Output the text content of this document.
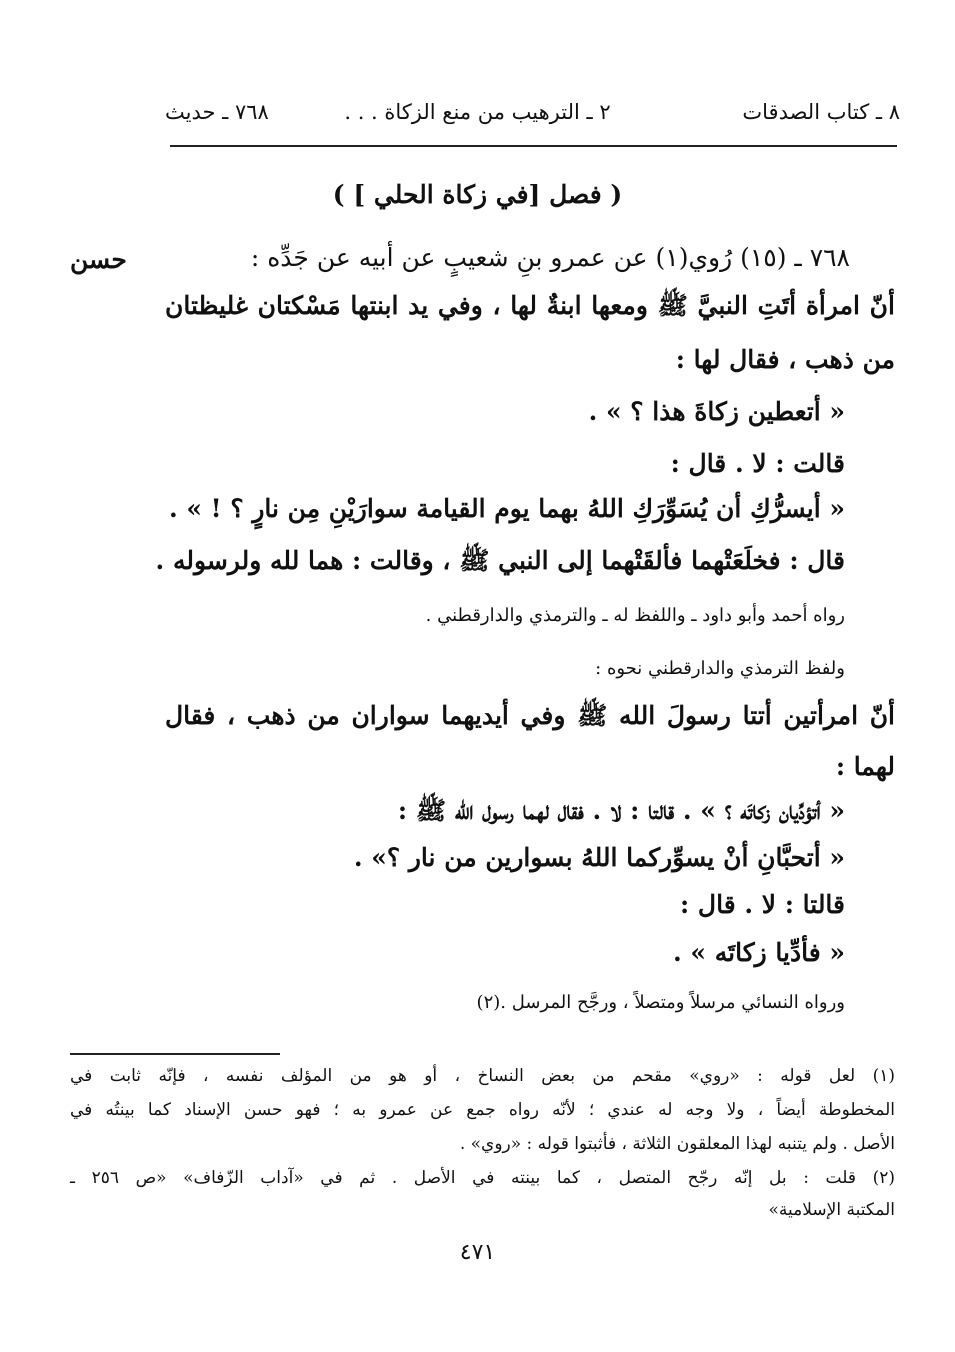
٨ ـ كتاب الصدقات
٢ ـ الترهيب من منع الزكاة . . .
٧٦٨ ـ حديث
( فصل [في زكاة الحلي ] )
حسن	٧٦٨ ـ (١٥) رُوي(١) عن عمرو بنِ شعيبٍ عن أبيه عن جَدِّه :
أنّ امرأة أتَتِ النبيَّ ﷺ ومعها ابنةٌ لها ، وفي يد ابنتها مَسْكتان غليظتان
من ذهب ، فقال لها :
« أتعطين زكاةَ هذا ؟ » .
قالت : لا . قال :
« أيسرُّكِ أن يُسَوِّرَكِ اللهُ بهما يوم القيامة سوارَيْنِ مِن نارٍ ؟ ! » .
قال : فخلَعَتْهما فألقَتْهما إلى النبي ﷺ ، وقالت : هما لله ولرسوله .
رواه أحمد وأبو داود ـ واللفظ له ـ والترمذي والدارقطني .
ولفظ الترمذي والدارقطني نحوه :
أنّ امرأتين أتتا رسولَ الله ﷺ وفي أيديهما سواران من ذهب ، فقال
لهما :
« أتؤدِّيان زكاتَه ؟ » . قالتا : لا . فقال لهما رسول الله ﷺ :
« أتحبَّانِ أنْ يسوِّركما اللهُ بسوارين من نار ؟» .
قالتا : لا . قال :
« فأدِّيا زكاتَه » .
ورواه النسائي مرسلاً ومتصلاً ، ورجَّح المرسل .(٢)
(١) لعل قوله : «روي» مقحم من بعض النساخ ، أو هو من المؤلف نفسه ، فإنّه ثابت في
المخطوطة أيضاً ، ولا وجه له عندي ؛ لأنّه رواه جمع عن عمرو به ؛ فهو حسن الإسناد كما بينتُه في
الأصل . ولم يتنبه لهذا المعلقون الثلاثة ، فأثبتوا قوله : «روي» .
(٢) قلت : بل إنّه رجّح المتصل ، كما بينته في الأصل . ثم في «آداب الزّفاف» «ص ٢٥٦ ـ
المكتبة الإسلامية»
٤٧١
